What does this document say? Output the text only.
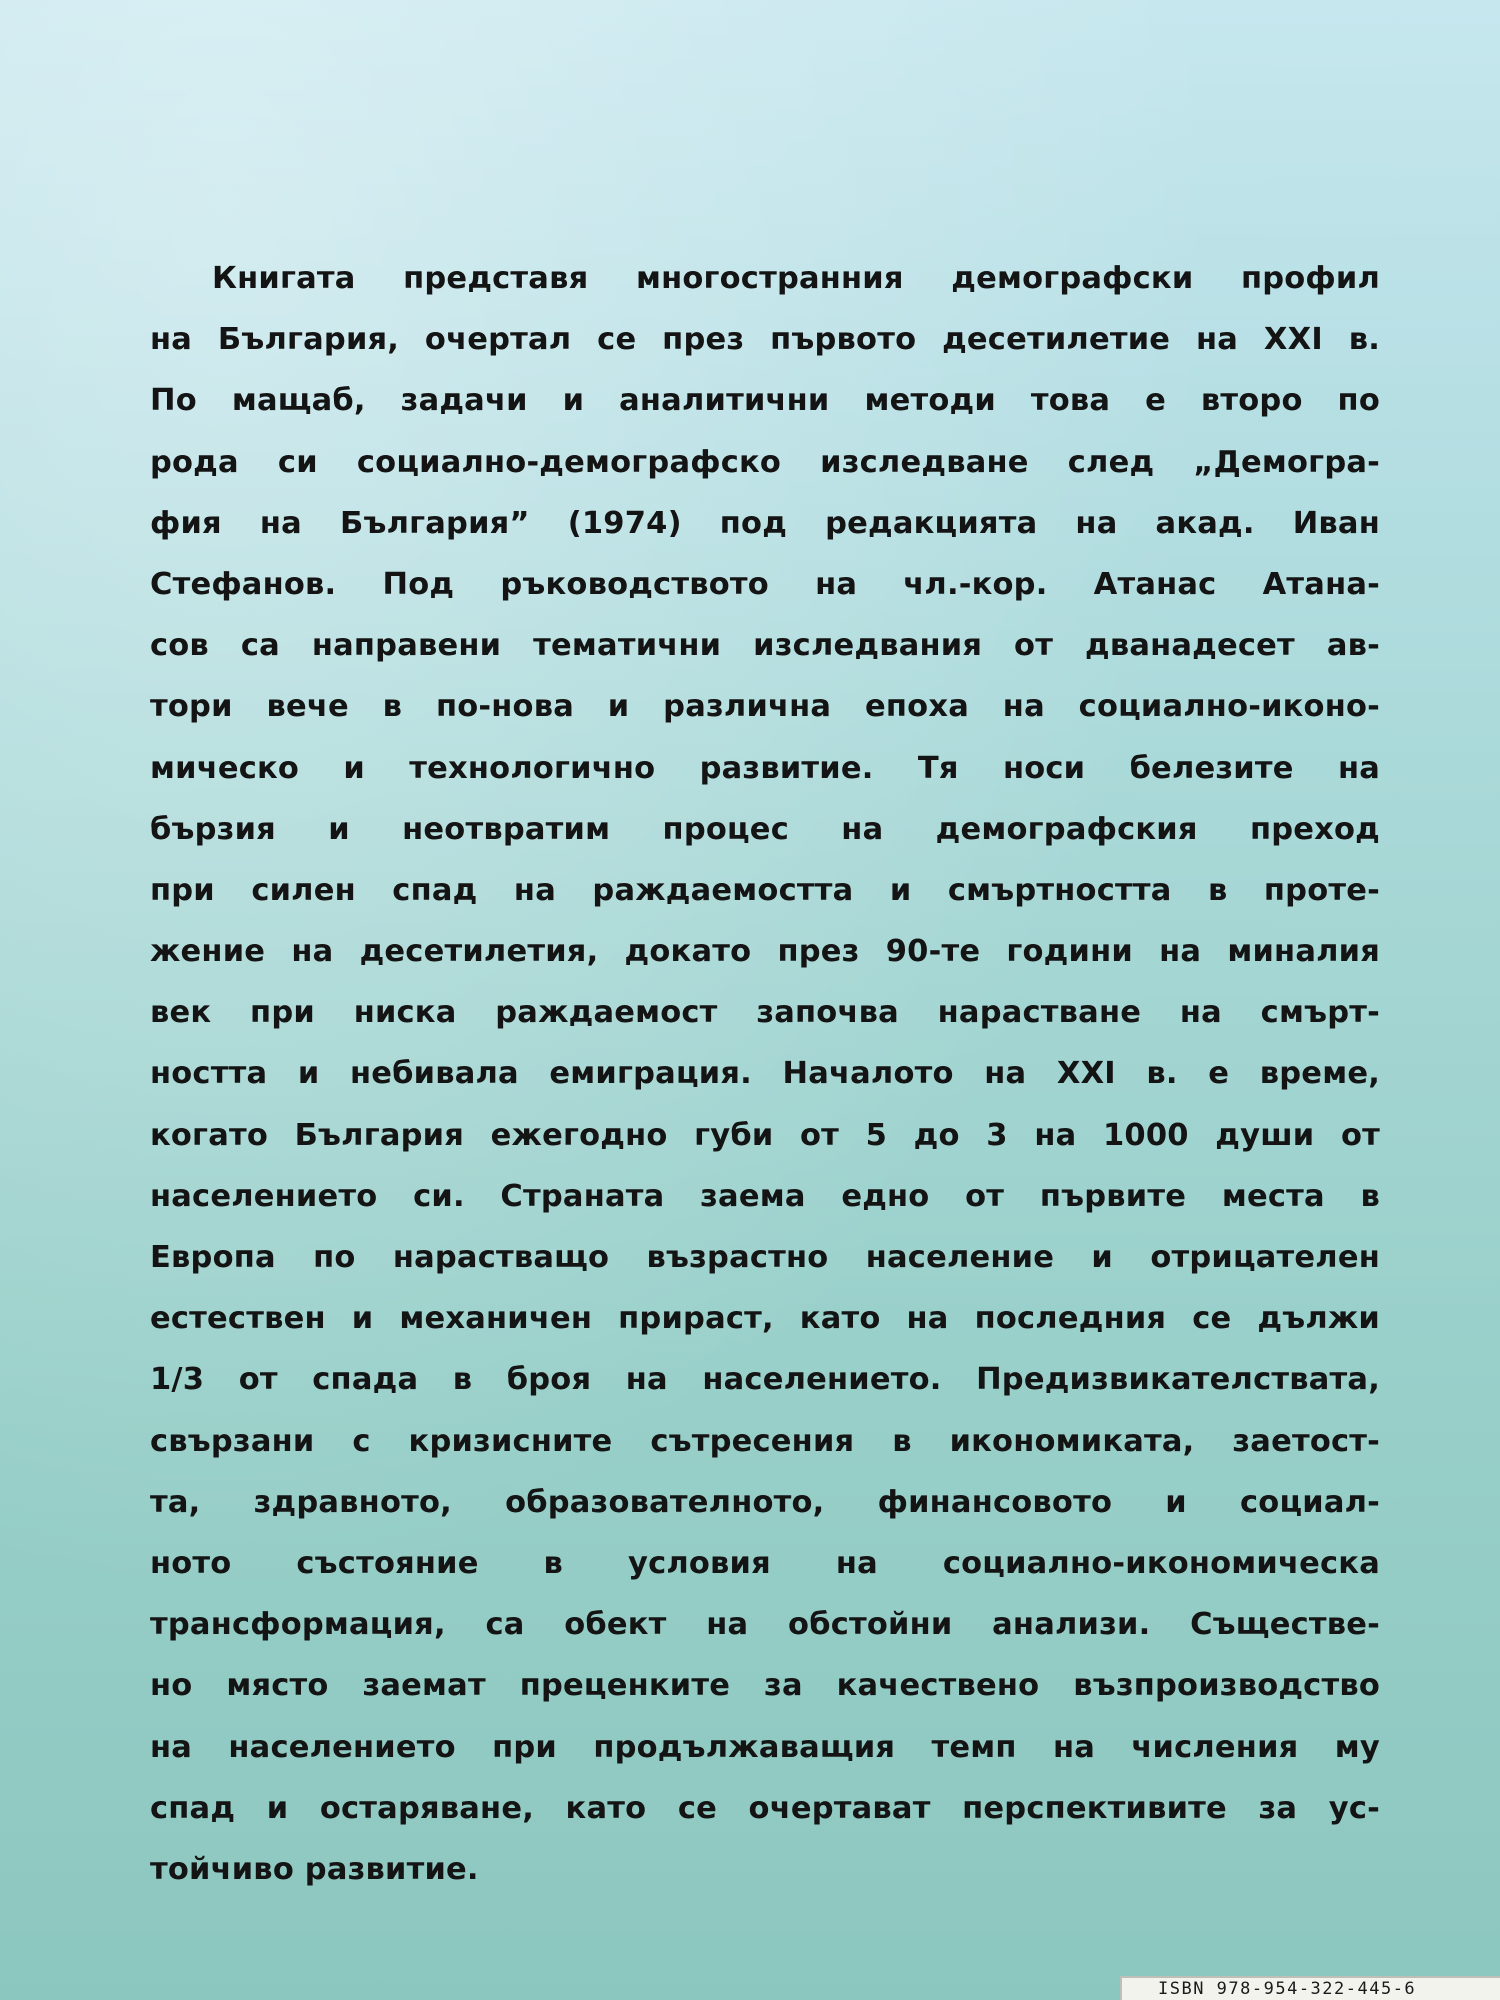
Книгата представя многостранния демографски профил
на България, очертал се през първото десетилетие на XXI в.
По мащаб, задачи и аналитични методи това е второ по
рода си социално-демографско изследване след „Демогра-
фия на България” (1974) под редакцията на акад. Иван
Стефанов. Под ръководството на чл.-кор. Атанас Атана-
сов са направени тематични изследвания от дванадесет ав-
тори вече в по-нова и различна епоха на социално-иконо-
мическо и технологично развитие. Тя носи белезите на
бързия и неотвратим процес на демографския преход
при силен спад на раждаемостта и смъртността в проте-
жение на десетилетия, докато през 90-те години на миналия
век при ниска раждаемост започва нарастване на смърт-
ността и небивала емиграция. Началото на XXI в. е време,
когато България ежегодно губи от 5 до 3 на 1000 души от
населението си. Страната заема едно от първите места в
Европа по нарастващо възрастно население и отрицателен
естествен и механичен прираст, като на последния се дължи
1/3 от спада в броя на населението. Предизвикателствата,
свързани с кризисните сътресения в икономиката, заетост-
та, здравното, образователното, финансовото и социал-
ното състояние в условия на социално-икономическа
трансформация, са обект на обстойни анализи. Съществе-
но място заемат преценките за качествено възпроизводство
на населението при продължаващия темп на числения му
спад и остаряване, като се очертават перспективите за ус-
тойчиво развитие.
ISBN 978-954-322-445-6
